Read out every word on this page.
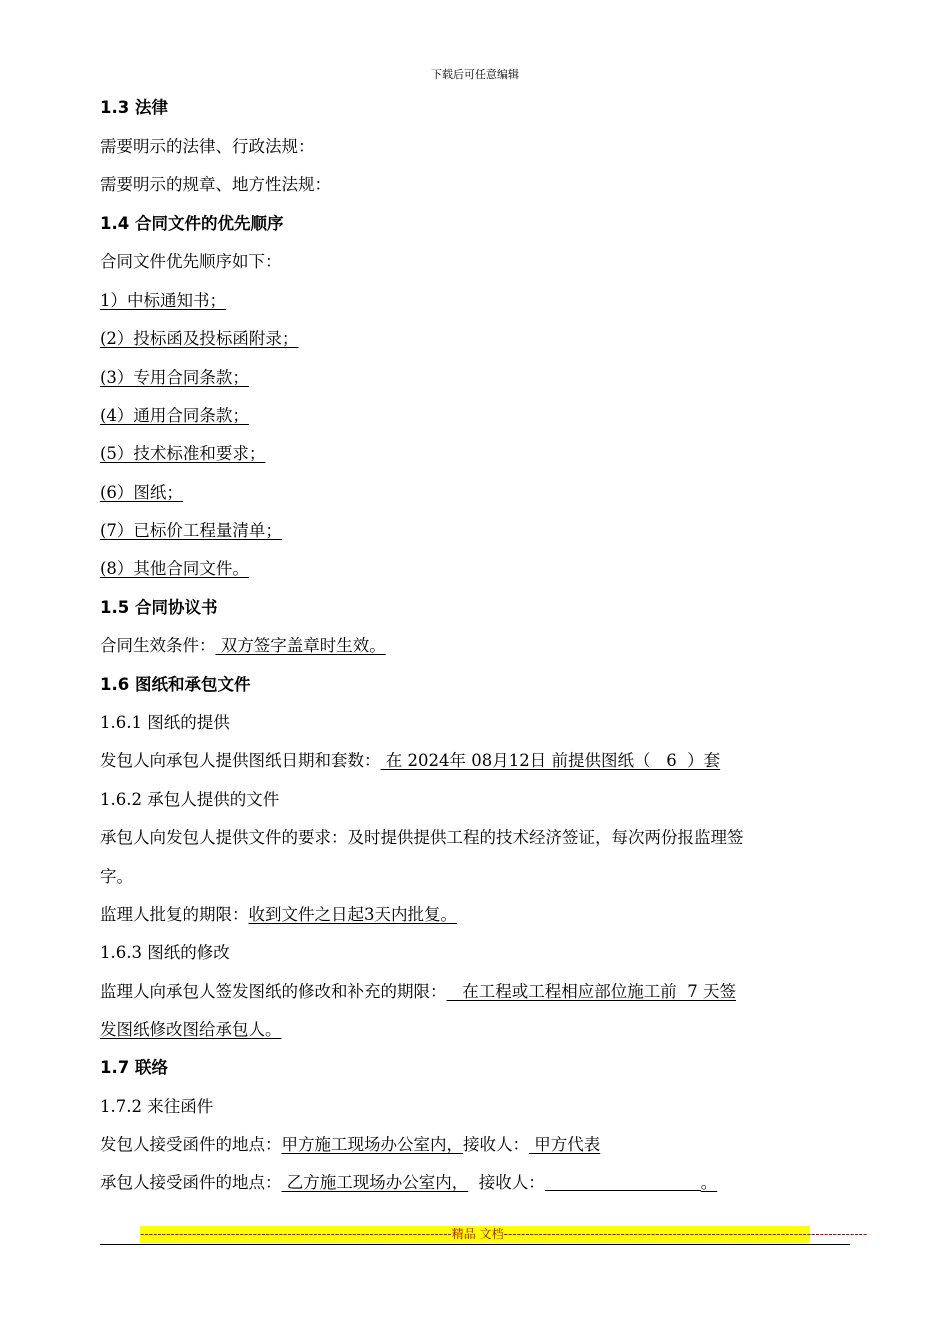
下载后可任意编辑
1.3 法律
需要明示的法律、行政法规：
需要明示的规章、地方性法规：
1.4 合同文件的优先顺序
合同文件优先顺序如下：
1）中标通知书；
(2）投标函及投标函附录；
(3）专用合同条款；
(4）通用合同条款；
(5）技术标准和要求；
(6）图纸；
(7）已标价工程量清单；
(8）其他合同文件。
1.5 合同协议书
合同生效条件： 双方签字盖章时生效。
1.6 图纸和承包文件
1.6.1 图纸的提供
发包人向承包人提供图纸日期和套数： 在 2024年 08月12日 前提供图纸（   6  ）套
1.6.2 承包人提供的文件
承包人向发包人提供文件的要求：及时提供提供工程的技术经济签证，每次两份报监理签
字。
监理人批复的期限：收到文件之日起3天内批复。
1.6.3 图纸的修改
监理人向承包人签发图纸的修改和补充的期限：   在工程或工程相应部位施工前  7 天签
发图纸修改图给承包人。
1.7 联络
1.7.2 来往函件
发包人接受函件的地点：甲方施工现场办公室内，接收人： 甲方代表
承包人接受函件的地点： 乙方施工现场办公室内，  接收人：	。
------------------------------------------------------------------------精品 文档------------------------------------------------------------------------------------
